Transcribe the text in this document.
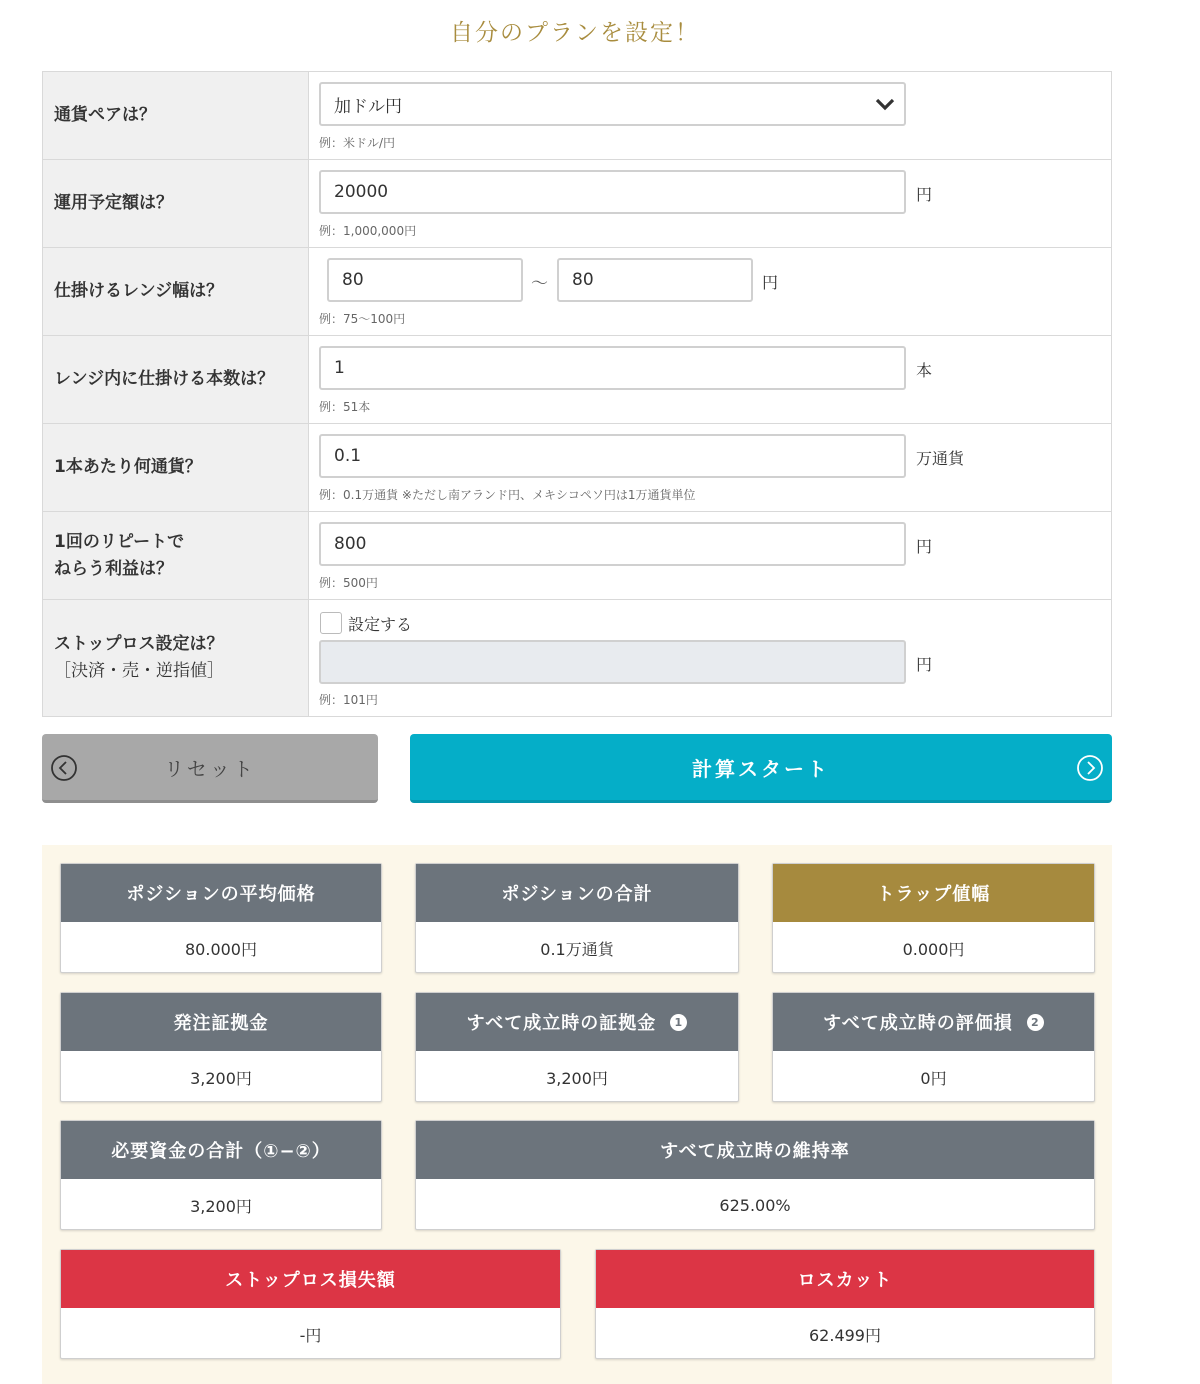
自分のプランを設定！
通貨ペアは？	加ドル円
例：米ドル/円
運用予定額は？
20000	円
例：1,000,000円
仕掛けるレンジ幅は？
80	〜	80	円
例：75〜100円
レンジ内に仕掛ける本数は？
1	本
例：51本
1本あたり何通貨？
0.1	万通貨
例：0.1万通貨 ※ただし南アランド円、メキシコペソ円は1万通貨単位
1回のリピートで
ねらう利益は？
800	円
例：500円
ストップロス設定は？
［決済・売・逆指値］
設定する
円
例：101円
リセット	計算スタート
ポジションの平均価格
80.000円
ポジションの合計
0.1万通貨
トラップ値幅
0.000円
発注証拠金
3,200円
すべて成立時の証拠金	1
3,200円
すべて成立時の評価損	2
0円
必要資金の合計（①−②）
3,200円
すべて成立時の維持率
625.00%
ストップロス損失額
-円
ロスカット
62.499円
